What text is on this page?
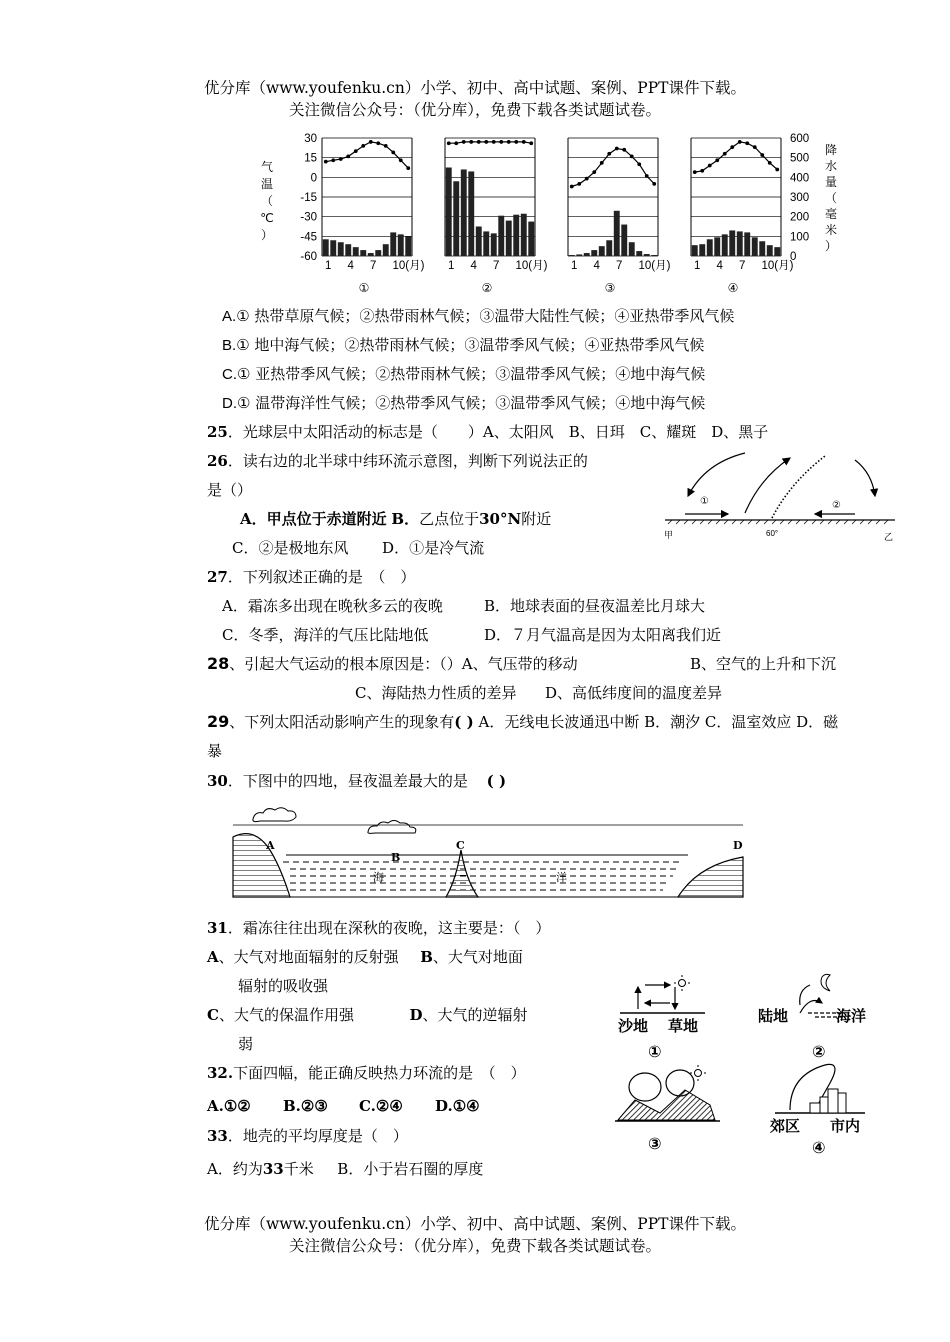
优分库（www.youfenku.cn）小学、初中、高中试题、案例、PPT课件下载。
关注微信公众号：（优分库），免费下载各类试题试卷。
气
温
（
℃
）
30
15
0
-15
-30
-45
-60
600
500
400
300
200
100
0
降
水
量
（
毫
米
）
1 4 7 10(月)
①
1 4 7 10(月)
②
1 4 7 10(月)
③
1 4 7 10(月)
④
A.① 热带草原气候；②热带雨林气候；③温带大陆性气候；④亚热带季风气候
B.① 地中海气候；②热带雨林气候；③温带季风气候；④亚热带季风气候
C.① 亚热带季风气候；②热带雨林气候；③温带季风气候；④地中海气候
D.① 温带海洋性气候；②热带季风气候；③温带季风气候；④地中海气候
25．光球层中太阳活动的标志是（　　）A、太阳风　B、日珥　C、耀斑　D、黑子
26．读右边的北半球中纬环流示意图，判断下列说法正的
是（）
A．甲点位于赤道附近 B．乙点位于30°N附近
C．②是极地东风 D．①是冷气流
①	②
甲	60°	乙
27．下列叙述正确的是　（　）
A．霜冻多出现在晚秋多云的夜晚	B．地球表面的昼夜温差比月球大
C．冬季，海洋的气压比陆地低	D．７月气温高是因为太阳离我们近
28、引起大气运动的根本原因是：（）A、气压带的移动	B、空气的上升和下沉
C、海陆热力性质的差异 D、高低纬度间的温度差异
29、下列太阳活动影响产生的现象有( ) A．无线电长波通迅中断 B．潮汐 C．温室效应 D．磁
暴
30．下图中的四地，昼夜温差最大的是 ( )
A
B
C	D
海	洋
31．霜冻往往出现在深秋的夜晚，这主要是：（　）
A、大气对地面辐射的反射强 B、大气对地面
辐射的吸收强
C、大气的保温作用强	D、大气的逆辐射
弱
32.下面四幅，能正确反映热力环流的是　（　）
A.①② B.②③ C.②④ D.①④
沙地 草地
①
陆地	海洋
②
③
郊区 市内
④
33．地壳的平均厚度是（　）
A．约为33千米 B．小于岩石圈的厚度
优分库（www.youfenku.cn）小学、初中、高中试题、案例、PPT课件下载。
关注微信公众号：（优分库），免费下载各类试题试卷。
